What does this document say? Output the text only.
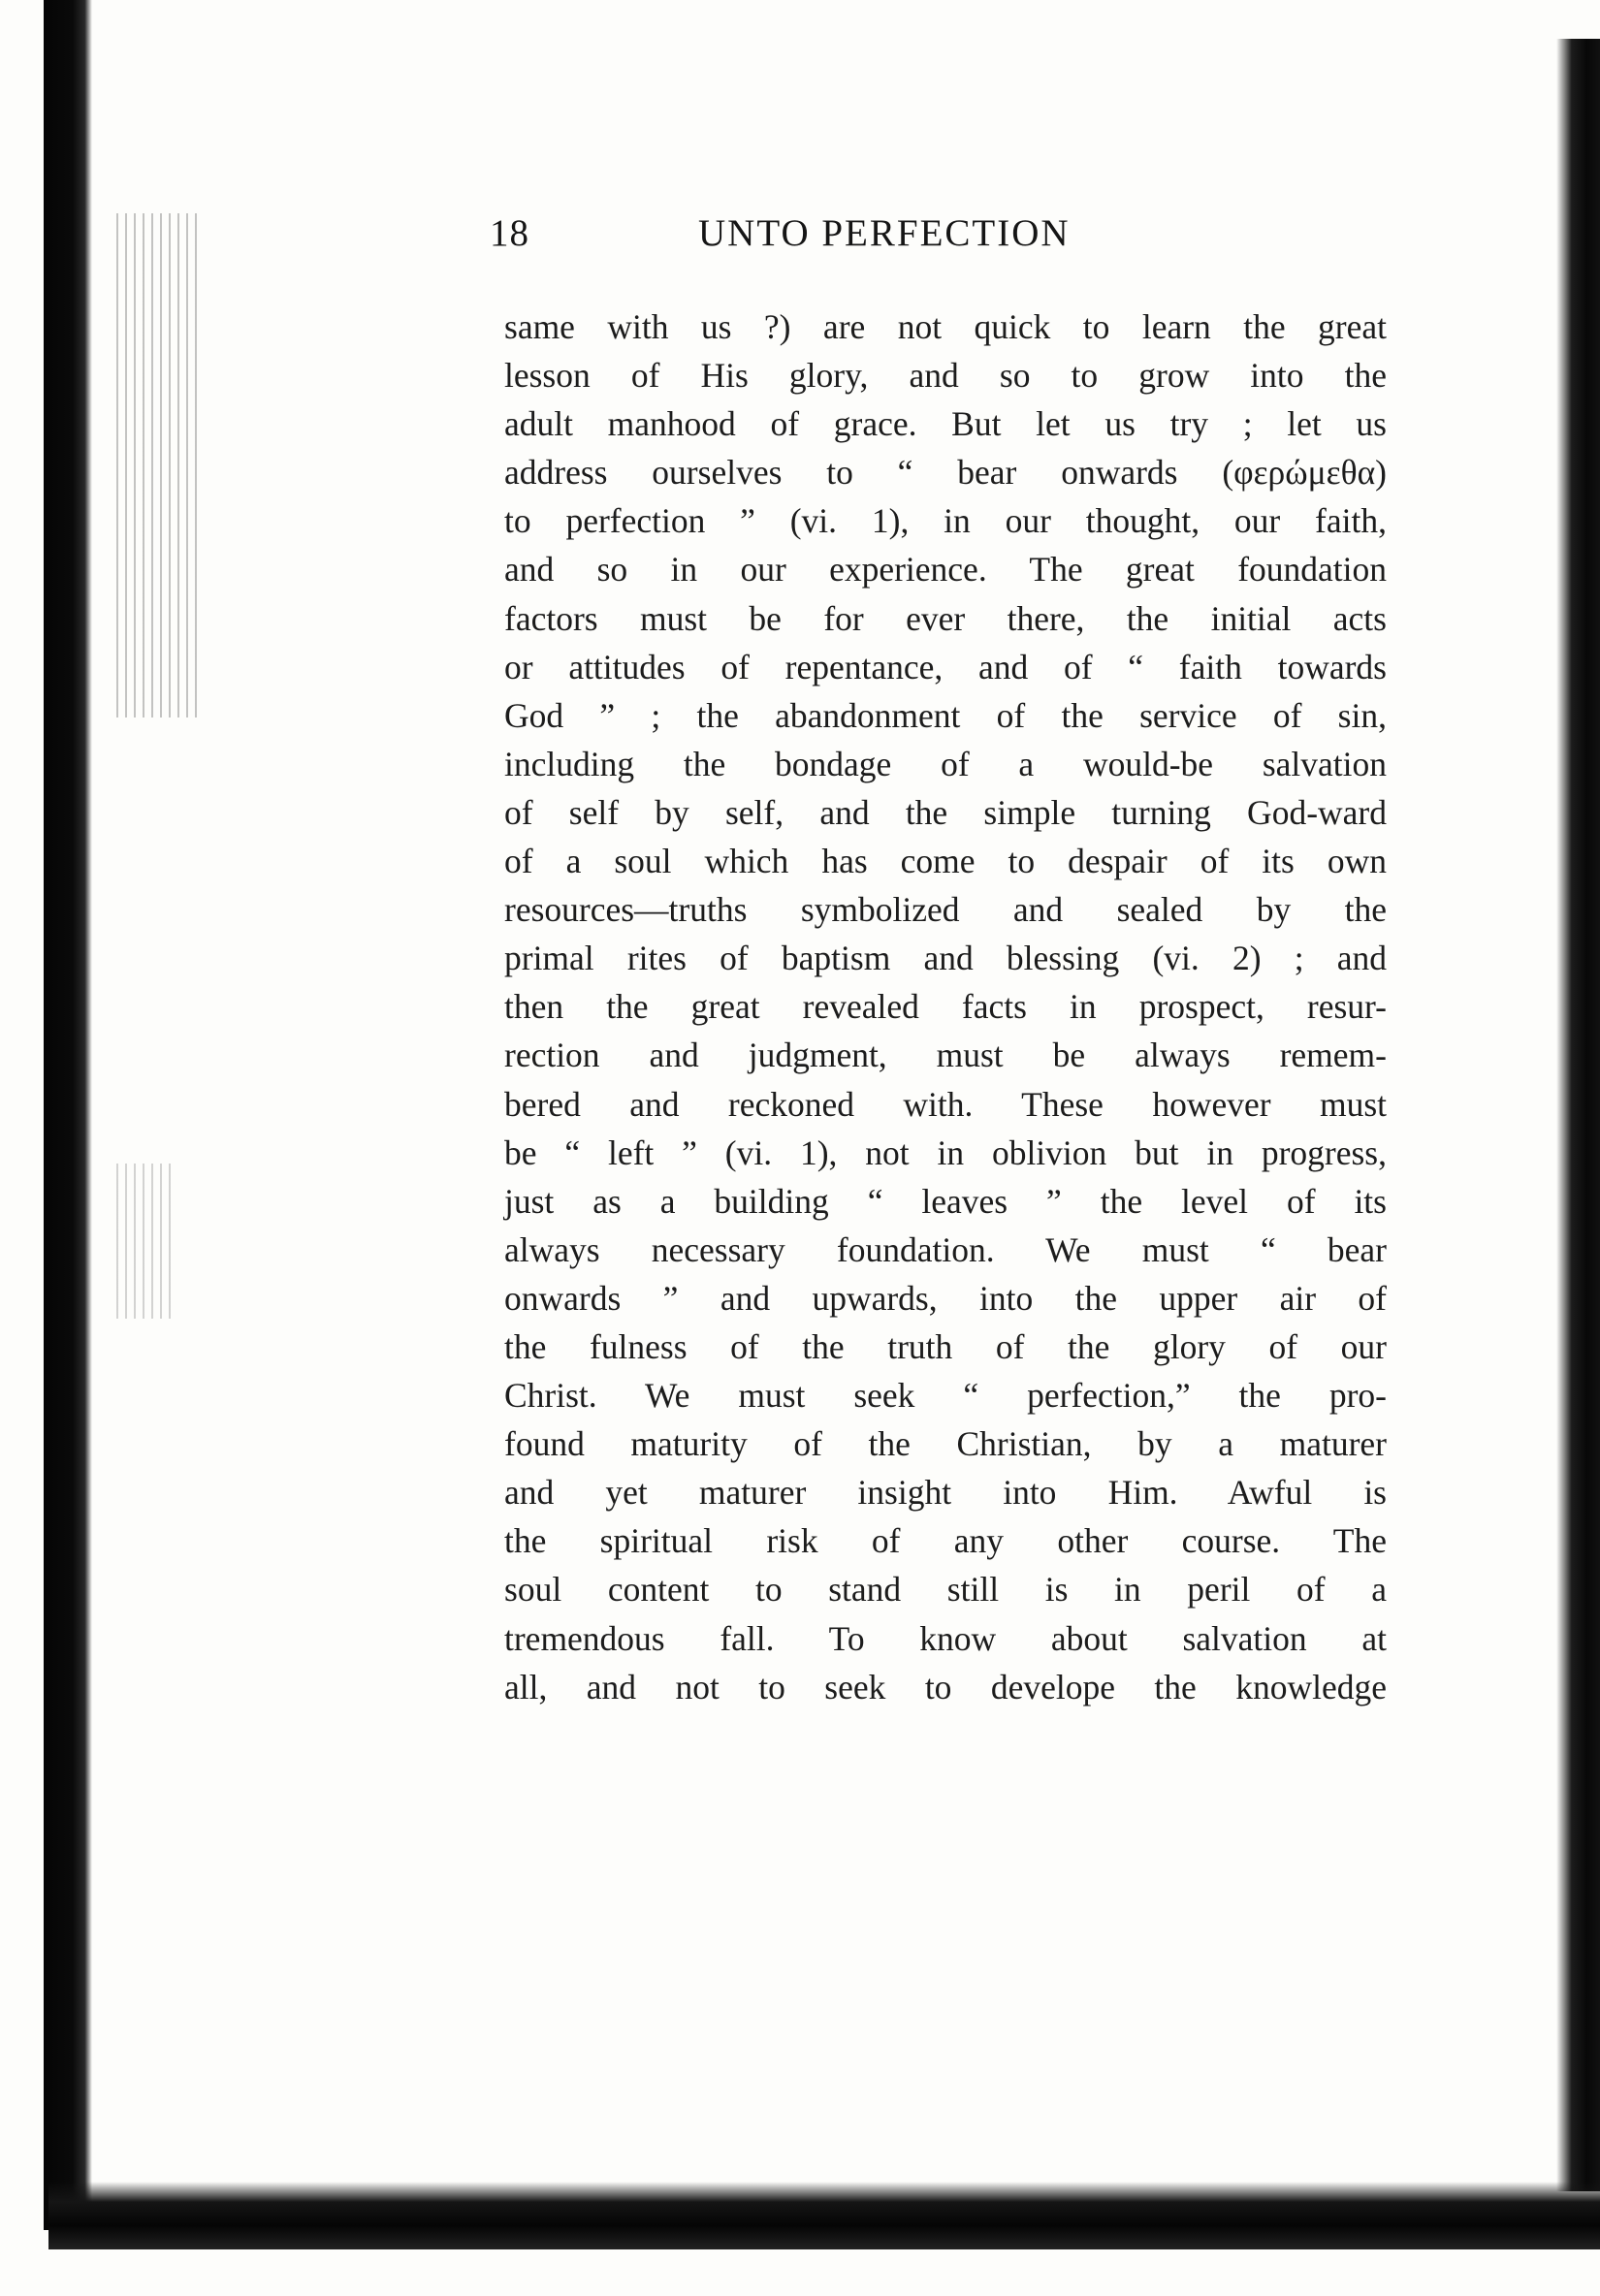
18	UNTO PERFECTION
same with us ?) are not quick to learn the great
lesson of His glory, and so to grow into the
adult manhood of grace. But let us try ; let us
address ourselves to “ bear onwards (φερώμεθα)
to perfection ” (vi. 1), in our thought, our faith,
and so in our experience. The great foundation
factors must be for ever there, the initial acts
or attitudes of repentance, and of “ faith towards
God ” ; the abandonment of the service of sin,
including the bondage of a would-be salvation
of self by self, and the simple turning God-ward
of a soul which has come to despair of its own
resources—truths symbolized and sealed by the
primal rites of baptism and blessing (vi. 2) ; and
then the great revealed facts in prospect, resur-
rection and judgment, must be always remem-
bered and reckoned with. These however must
be “ left ” (vi. 1), not in oblivion but in progress,
just as a building “ leaves ” the level of its
always necessary foundation. We must “ bear
onwards ” and upwards, into the upper air of
the fulness of the truth of the glory of our
Christ. We must seek “ perfection,” the pro-
found maturity of the Christian, by a maturer
and yet maturer insight into Him. Awful is
the spiritual risk of any other course. The
soul content to stand still is in peril of a
tremendous fall. To know about salvation at
all, and not to seek to develope the knowledge
